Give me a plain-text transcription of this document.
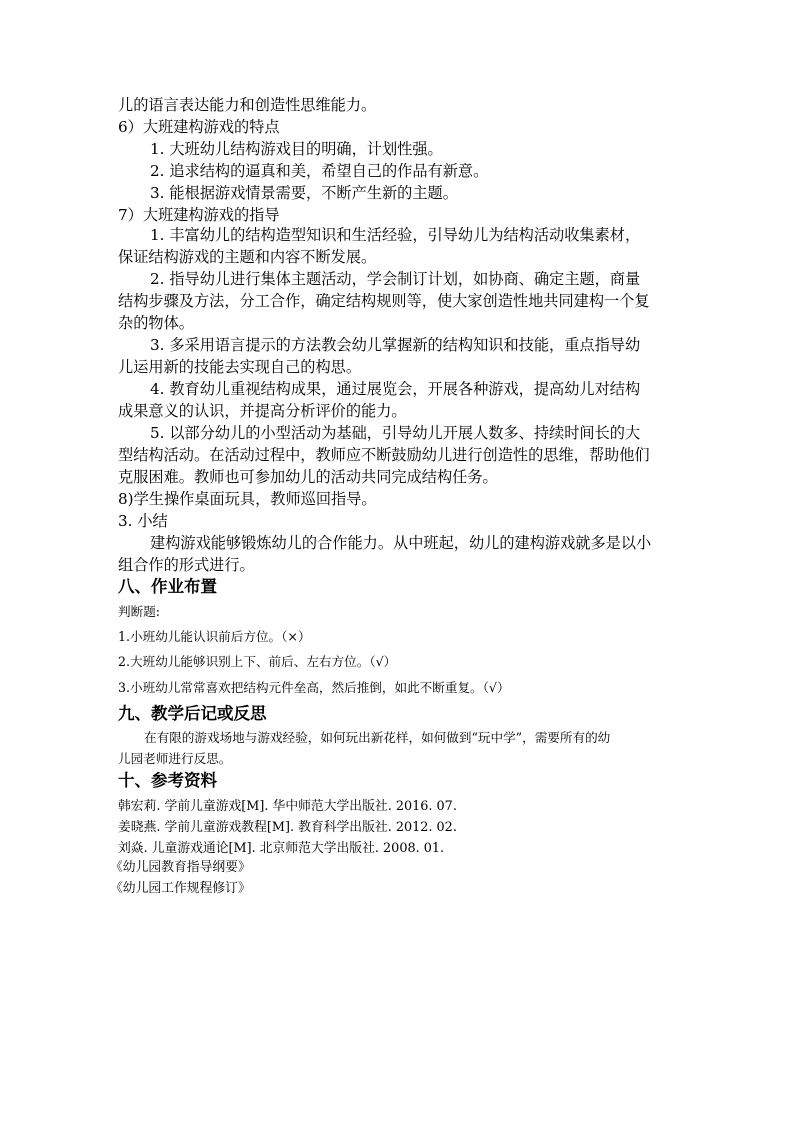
儿的语言表达能力和创造性思维能力。
6）大班建构游戏的特点
1. 大班幼儿结构游戏目的明确，计划性强。
2. 追求结构的逼真和美，希望自己的作品有新意。
3. 能根据游戏情景需要，不断产生新的主题。
7）大班建构游戏的指导
1. 丰富幼儿的结构造型知识和生活经验，引导幼儿为结构活动收集素材，
保证结构游戏的主题和内容不断发展。
2. 指导幼儿进行集体主题活动，学会制订计划，如协商、确定主题，商量
结构步骤及方法，分工合作，确定结构规则等，使大家创造性地共同建构一个复
杂的物体。
3. 多采用语言提示的方法教会幼儿掌握新的结构知识和技能，重点指导幼
儿运用新的技能去实现自己的构思。
4. 教育幼儿重视结构成果，通过展览会，开展各种游戏，提高幼儿对结构
成果意义的认识，并提高分析评价的能力。
5. 以部分幼儿的小型活动为基础，引导幼儿开展人数多、持续时间长的大
型结构活动。在活动过程中，教师应不断鼓励幼儿进行创造性的思维，帮助他们
克服困难。教师也可参加幼儿的活动共同完成结构任务。
8)学生操作桌面玩具，教师巡回指导。
3. 小结
建构游戏能够锻炼幼儿的合作能力。从中班起，幼儿的建构游戏就多是以小
组合作的形式进行。
八、作业布置
判断题:
1.小班幼儿能认识前后方位。（×）
2.大班幼儿能够识别上下、前后、左右方位。（√）
3.小班幼儿常常喜欢把结构元件垒高，然后推倒，如此不断重复。（√）
九、教学后记或反思
在有限的游戏场地与游戏经验，如何玩出新花样，如何做到“玩中学”，需要所有的幼
儿园老师进行反思。
十、参考资料
韩宏莉. 学前儿童游戏[M]. 华中师范大学出版社. 2016. 07.
姜晓燕. 学前儿童游戏教程[M]. 教育科学出版社. 2012. 02.
刘焱. 儿童游戏通论[M]. 北京师范大学出版社. 2008. 01.
《幼儿园教育指导纲要》
《幼儿园工作规程修订》
